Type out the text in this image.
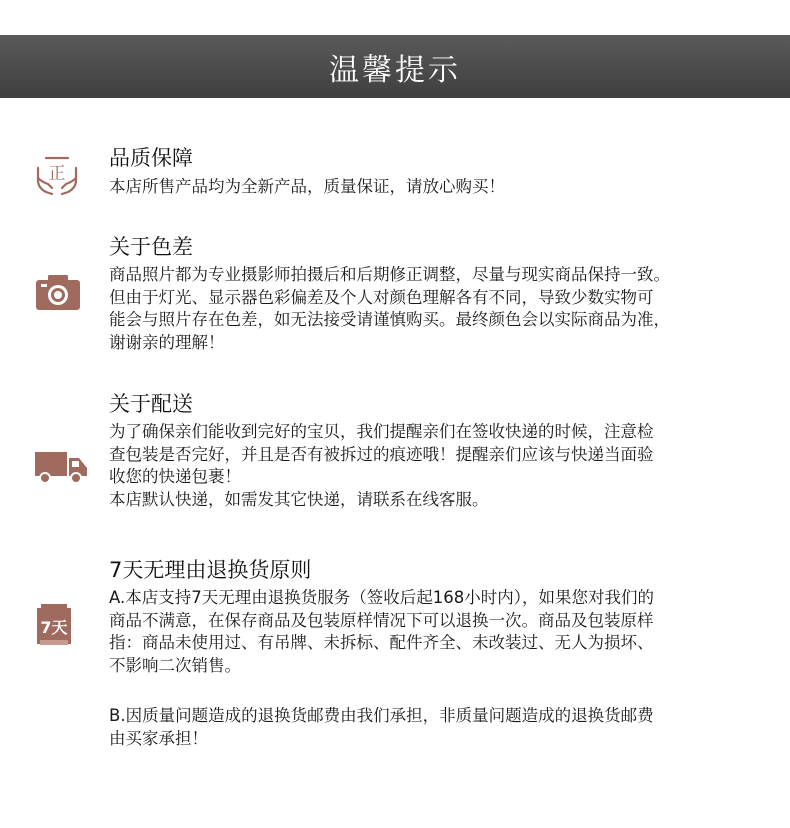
温馨提示
正
品质保障

本店所售产品均为全新产品，质量保证，请放心购买！

关于色差

商品照片都为专业摄影师拍摄后和后期修正调整，尽量与现实商品保持一致。
但由于灯光、显示器色彩偏差及个人对颜色理解各有不同，导致少数实物可
能会与照片存在色差，如无法接受请谨慎购买。最终颜色会以实际商品为准，
谢谢亲的理解！

关于配送

为了确保亲们能收到完好的宝贝，我们提醒亲们在签收快递的时候，注意检
查包装是否完好，并且是否有被拆过的痕迹哦！提醒亲们应该与快递当面验
收您的快递包裹！
本店默认快递，如需发其它快递，请联系在线客服。

7天
7天无理由退换货原则

A.本店支持7天无理由退换货服务（签收后起168小时内），如果您对我们的
商品不满意，在保存商品及包装原样情况下可以退换一次。商品及包装原样
指：商品未使用过、有吊牌、未拆标、配件齐全、未改装过、无人为损坏、
不影响二次销售。

B.因质量问题造成的退换货邮费由我们承担，非质量问题造成的退换货邮费
由买家承担！
